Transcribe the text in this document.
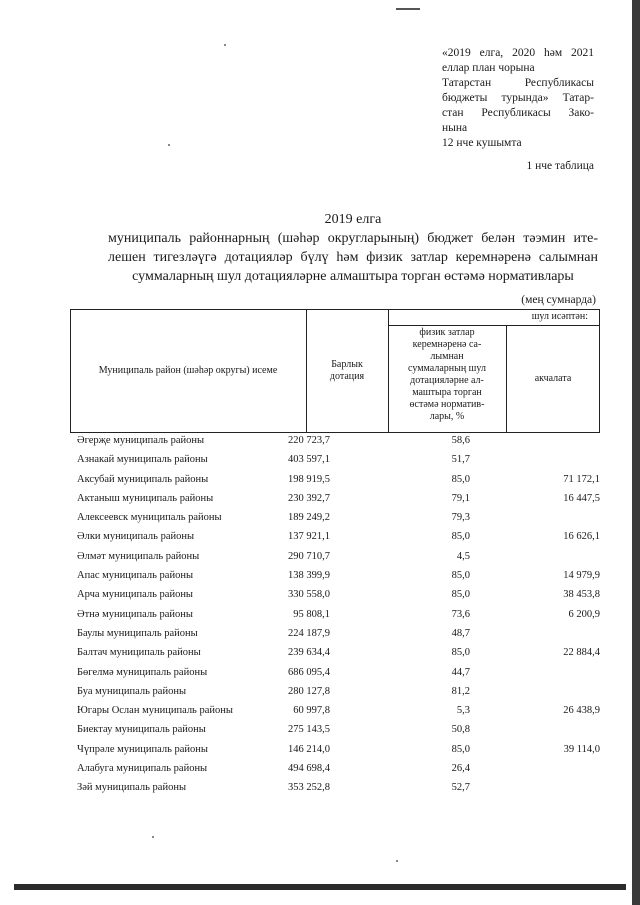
«2019 елга, 2020 һәм 2021
еллар план чорына
Татарстан Республикасы
бюджеты турында» Татар-
стан Республикасы Зако-
нына
12 нче кушымта
1 нче таблица
2019 елга
муниципаль районнарның (шәһәр округларының) бюджет белән тәэмин ите-
лешен тигезләүгә дотацияләр бүлү һәм физик затлар керемнәренә салымнан
суммаларның шул дотацияләрне алмаштыра торган өстәмә нормативлары
(мең сумнарда)
Муниципаль район (шәһәр округы) исеме
Барлык
дотация
шул исәптән:
физик затлар
керемнәренә са-
лымнан
суммаларның шул
дотацияләрне ал-
маштыра торган
өстәмә норматив-
лары, %
акчалата
Әгерҗе муниципаль районы	220 723,7	58,6
Азнакай муниципаль районы	403 597,1	51,7
Аксубай муниципаль районы	198 919,5	85,0	71 172,1
Актаныш муниципаль районы	230 392,7	79,1	16 447,5
Алексеевск муниципаль районы	189 249,2	79,3
Әлки муниципаль районы	137 921,1	85,0	16 626,1
Әлмәт муниципаль районы	290 710,7	4,5
Апас муниципаль районы	138 399,9	85,0	14 979,9
Арча муниципаль районы	330 558,0	85,0	38 453,8
Әтнә муниципаль районы	95 808,1	73,6	6 200,9
Баулы муниципаль районы	224 187,9	48,7
Балтач муниципаль районы	239 634,4	85,0	22 884,4
Бөгелмә муниципаль районы	686 095,4	44,7
Буа муниципаль районы	280 127,8	81,2
Югары Ослан муниципаль районы	60 997,8	5,3	26 438,9
Биектау муниципаль районы	275 143,5	50,8
Чүпрәле муниципаль районы	146 214,0	85,0	39 114,0
Алабуга муниципаль районы	494 698,4	26,4
Зәй муниципаль районы	353 252,8	52,7
